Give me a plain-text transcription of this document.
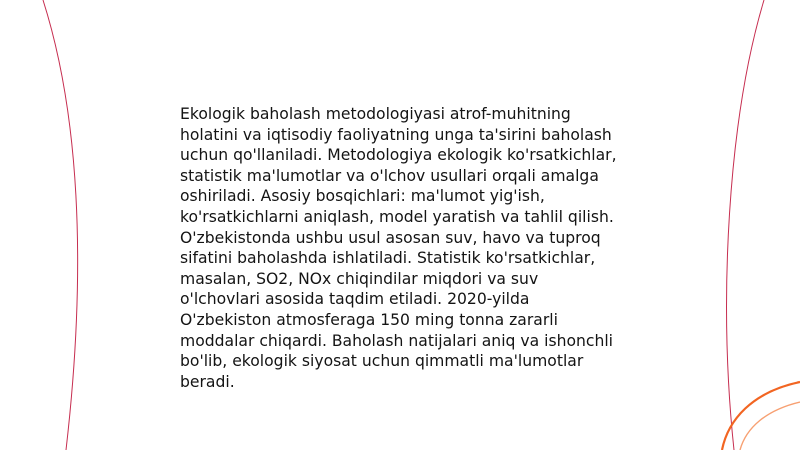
Ekologik baholash metodologiyasi atrof-muhitning holatini va iqtisodiy faoliyatning unga ta'sirini baholash uchun qo'llaniladi. Metodologiya ekologik ko'rsatkichlar, statistik ma'lumotlar va o'lchov usullari orqali amalga oshiriladi. Asosiy bosqichlari: ma'lumot yig'ish, ko'rsatkichlarni aniqlash, model yaratish va tahlil qilish. O'zbekistonda ushbu usul asosan suv, havo va tuproq sifatini baholashda ishlatiladi. Statistik ko'rsatkichlar, masalan, SO2, NOx chiqindilar miqdori va suv o'lchovlari asosida taqdim etiladi. 2020-yilda O'zbekiston atmosferaga 150 ming tonna zararli moddalar chiqardi. Baholash natijalari aniq va ishonchli bo'lib, ekologik siyosat uchun qimmatli ma'lumotlar beradi.
